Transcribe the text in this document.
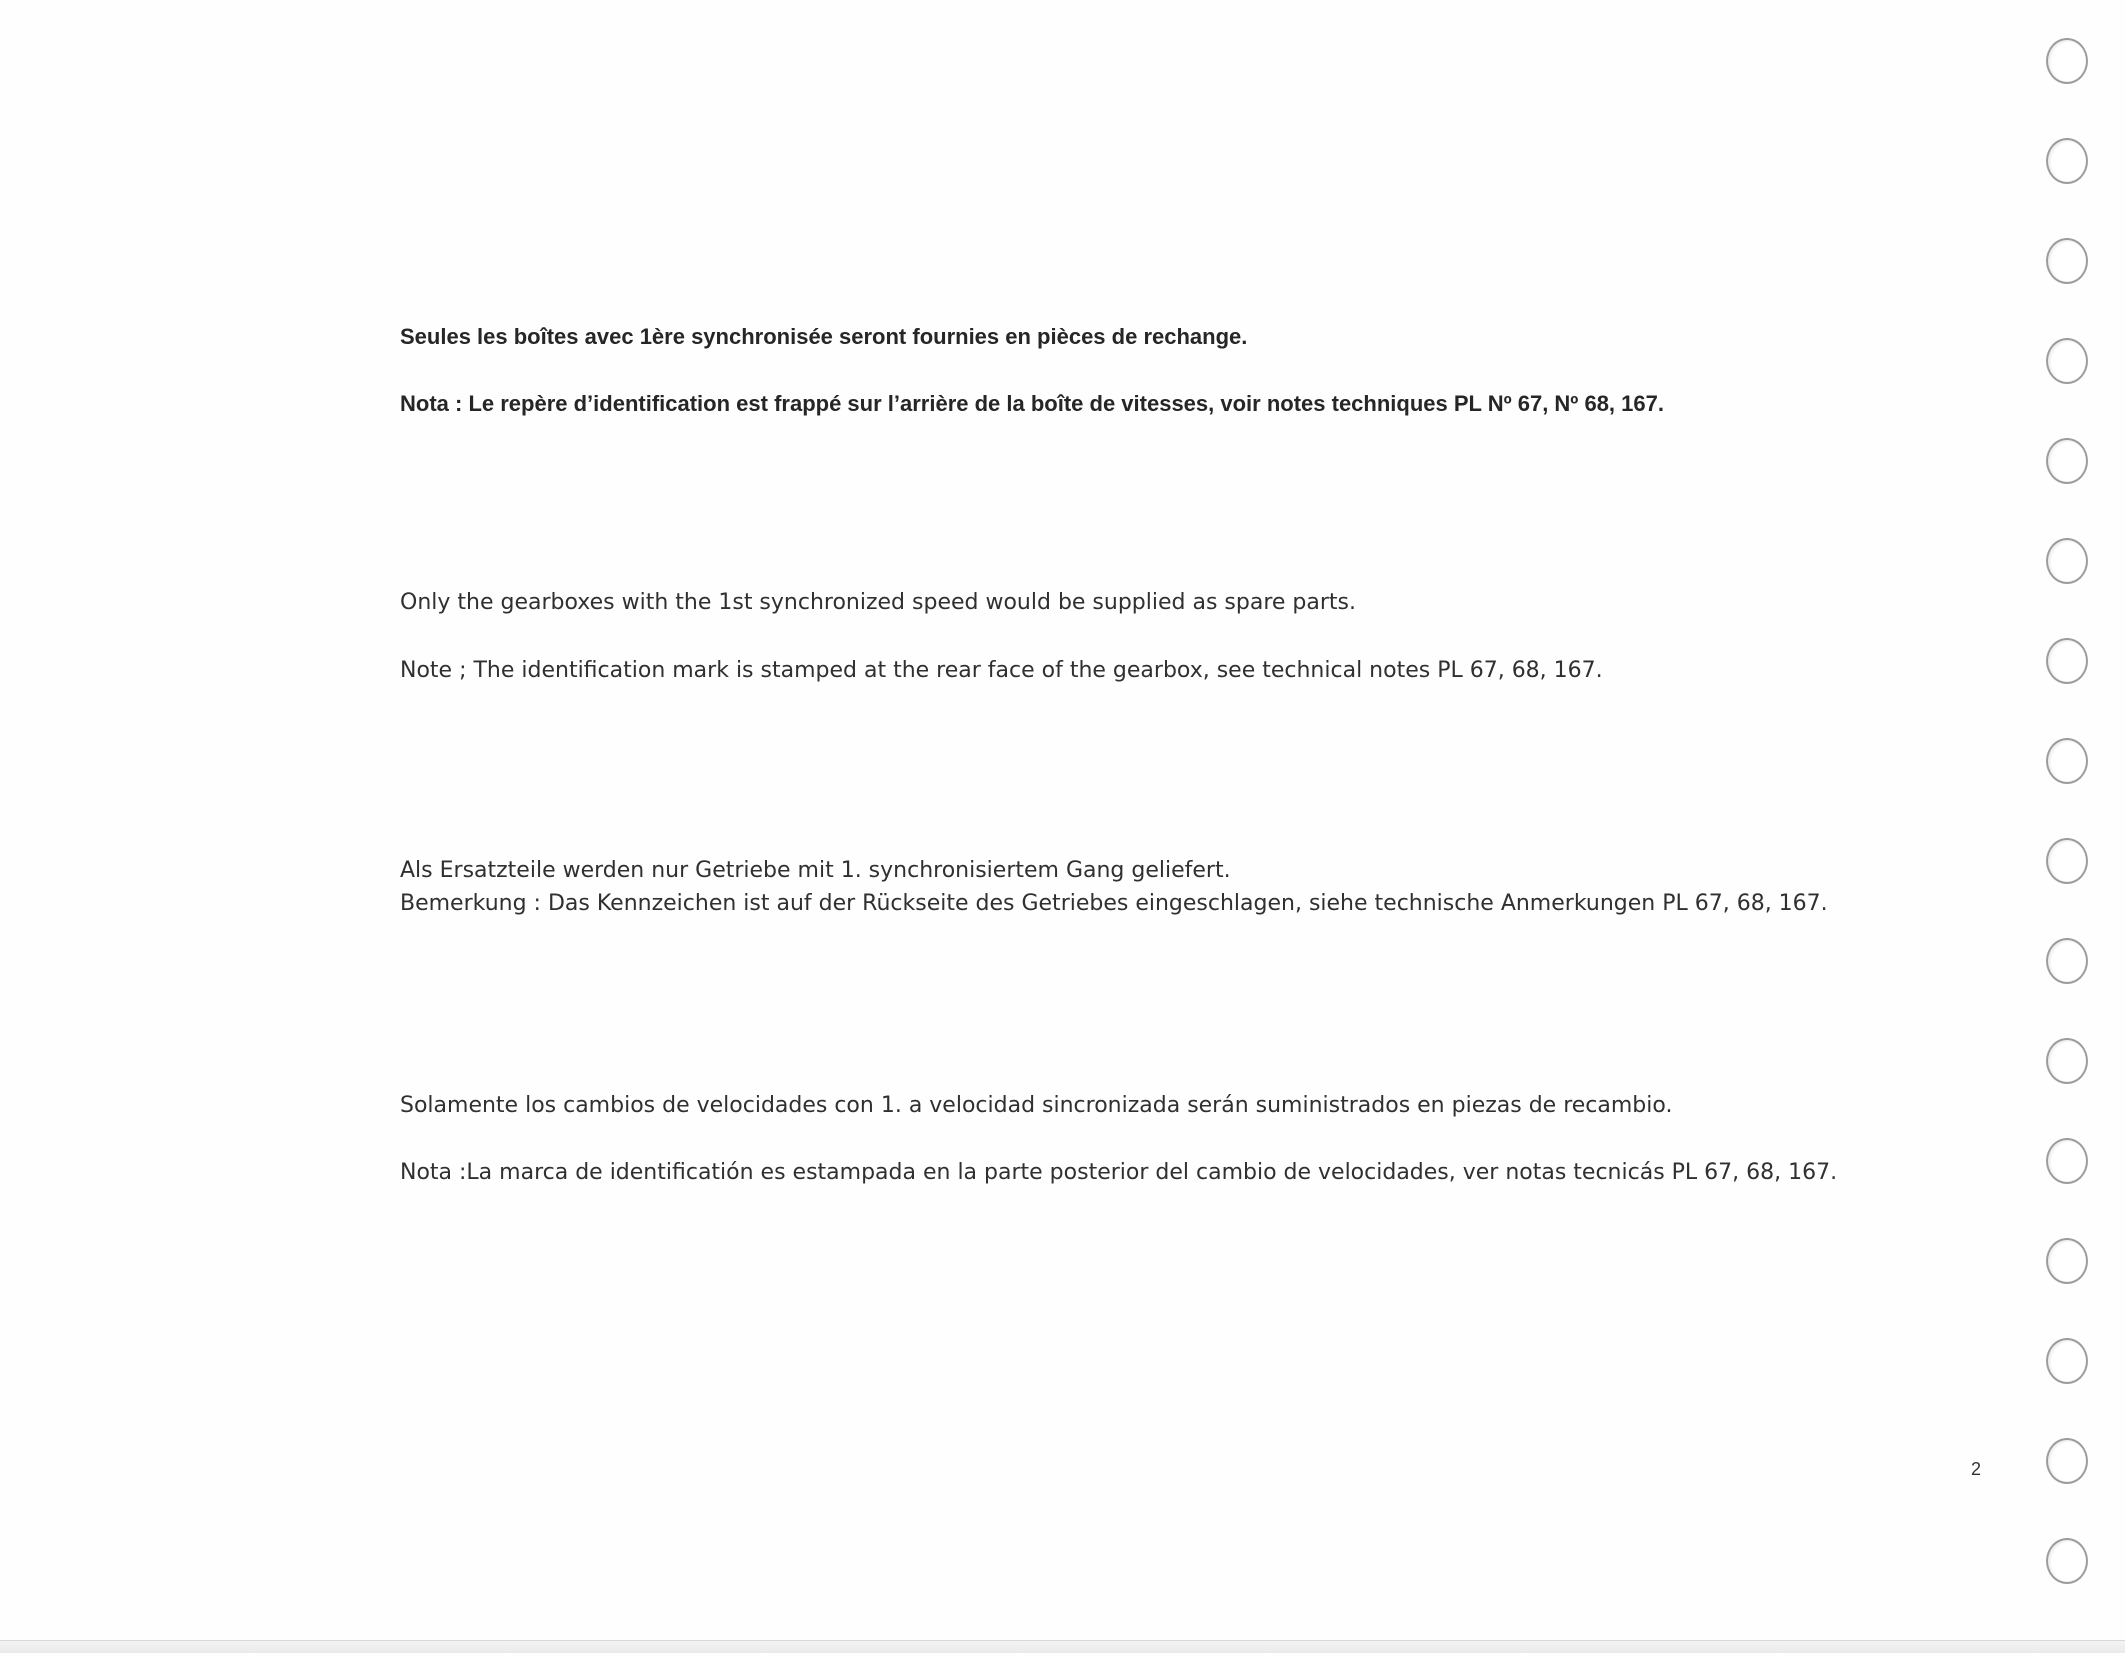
Seules les boîtes avec 1ère synchronisée seront fournies en pièces de rechange.

Nota : Le repère d’identification est frappé sur l’arrière de la boîte de vitesses, voir notes techniques PL Nº 67, Nº 68, 167.

Only the gearboxes with the 1st synchronized speed would be supplied as spare parts.

Note ; The identification mark is stamped at the rear face of the gearbox, see technical notes PL 67, 68, 167.

Als Ersatzteile werden nur Getriebe mit 1. synchronisiertem Gang geliefert.

Bemerkung : Das Kennzeichen ist auf der Rückseite des Getriebes eingeschlagen, siehe technische Anmerkungen PL 67, 68, 167.

Solamente los cambios de velocidades con 1. a velocidad sincronizada serán suministrados en piezas de recambio.

Nota :La marca de identificatión es estampada en la parte posterior del cambio de velocidades, ver notas tecnicás PL 67, 68, 167.

2
